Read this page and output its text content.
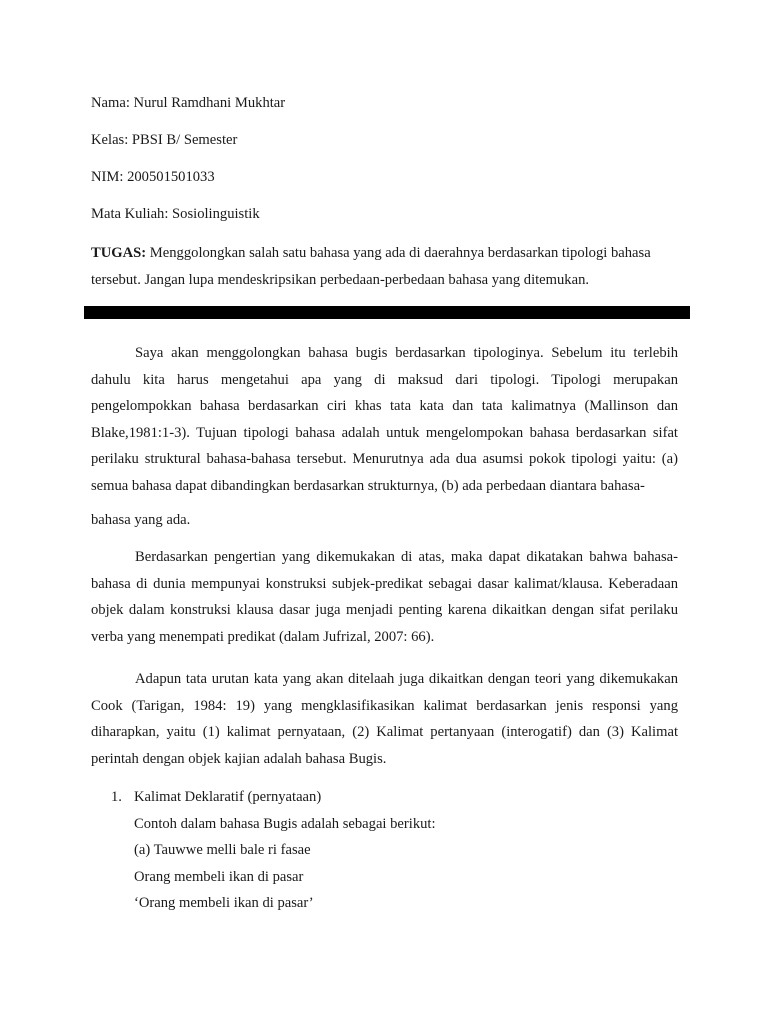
Nama: Nurul Ramdhani Mukhtar

Kelas: PBSI B/ Semester

NIM: 200501501033

Mata Kuliah: Sosiolinguistik

TUGAS: Menggolongkan salah satu bahasa yang ada di daerahnya berdasarkan tipologi bahasa tersebut. Jangan lupa mendeskripsikan perbedaan-perbedaan bahasa yang ditemukan.

Saya akan menggolongkan bahasa bugis berdasarkan tipologinya. Sebelum itu terlebih dahulu kita harus mengetahui apa yang di maksud dari tipologi. Tipologi merupakan pengelompokkan bahasa berdasarkan ciri khas tata kata dan tata kalimatnya (Mallinson dan Blake,1981:1-3). Tujuan tipologi bahasa adalah untuk mengelompokan bahasa berdasarkan sifat perilaku struktural bahasa-bahasa tersebut. Menurutnya ada dua asumsi pokok tipologi yaitu: (a) semua bahasa dapat dibandingkan berdasarkan strukturnya, (b) ada perbedaan diantara bahasa-
bahasa yang ada.

Berdasarkan pengertian yang dikemukakan di atas, maka dapat dikatakan bahwa bahasa-bahasa di dunia mempunyai konstruksi subjek-predikat sebagai dasar kalimat/klausa. Keberadaan objek dalam konstruksi klausa dasar juga menjadi penting karena dikaitkan dengan sifat perilaku verba yang menempati predikat (dalam Jufrizal, 2007: 66).

Adapun tata urutan kata yang akan ditelaah juga dikaitkan dengan teori yang dikemukakan Cook (Tarigan, 1984: 19) yang mengklasifikasikan kalimat berdasarkan jenis responsi yang diharapkan, yaitu (1) kalimat pernyataan, (2) Kalimat pertanyaan (interogatif) dan (3) Kalimat perintah dengan objek kajian adalah bahasa Bugis.

1. Kalimat Deklaratif (pernyataan)
Contoh dalam bahasa Bugis adalah sebagai berikut:
(a) Tauwwe melli bale ri fasae
Orang membeli ikan di pasar
‘Orang membeli ikan di pasar’
